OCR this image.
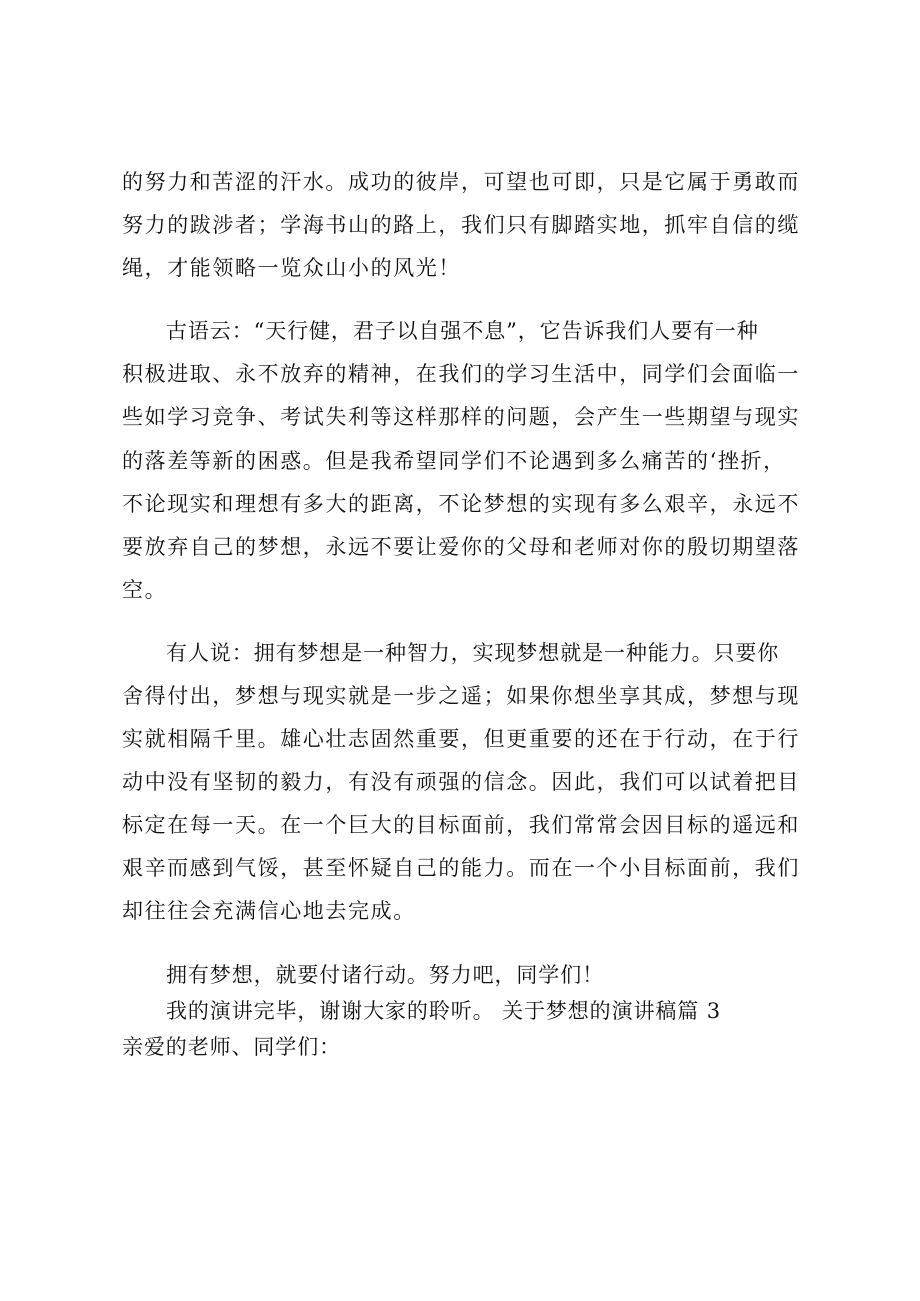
的努力和苦涩的汗水。成功的彼岸，可望也可即，只是它属于勇敢而
努力的跋涉者；学海书山的路上，我们只有脚踏实地，抓牢自信的缆
绳，才能领略一览众山小的风光！
古语云：“天行健，君子以自强不息”，它告诉我们人要有一种
积极进取、永不放弃的精神，在我们的学习生活中，同学们会面临一
些如学习竞争、考试失利等这样那样的问题，会产生一些期望与现实
的落差等新的困惑。但是我希望同学们不论遇到多么痛苦的‘挫折，
不论现实和理想有多大的距离，不论梦想的实现有多么艰辛，永远不
要放弃自己的梦想，永远不要让爱你的父母和老师对你的殷切期望落
空。
有人说：拥有梦想是一种智力，实现梦想就是一种能力。只要你
舍得付出，梦想与现实就是一步之遥；如果你想坐享其成，梦想与现
实就相隔千里。雄心壮志固然重要，但更重要的还在于行动，在于行
动中没有坚韧的毅力，有没有顽强的信念。因此，我们可以试着把目
标定在每一天。在一个巨大的目标面前，我们常常会因目标的遥远和
艰辛而感到气馁，甚至怀疑自己的能力。而在一个小目标面前，我们
却往往会充满信心地去完成。
拥有梦想，就要付诸行动。努力吧，同学们！
我的演讲完毕，谢谢大家的聆听。 关于梦想的演讲稿篇 3
亲爱的老师、同学们：
